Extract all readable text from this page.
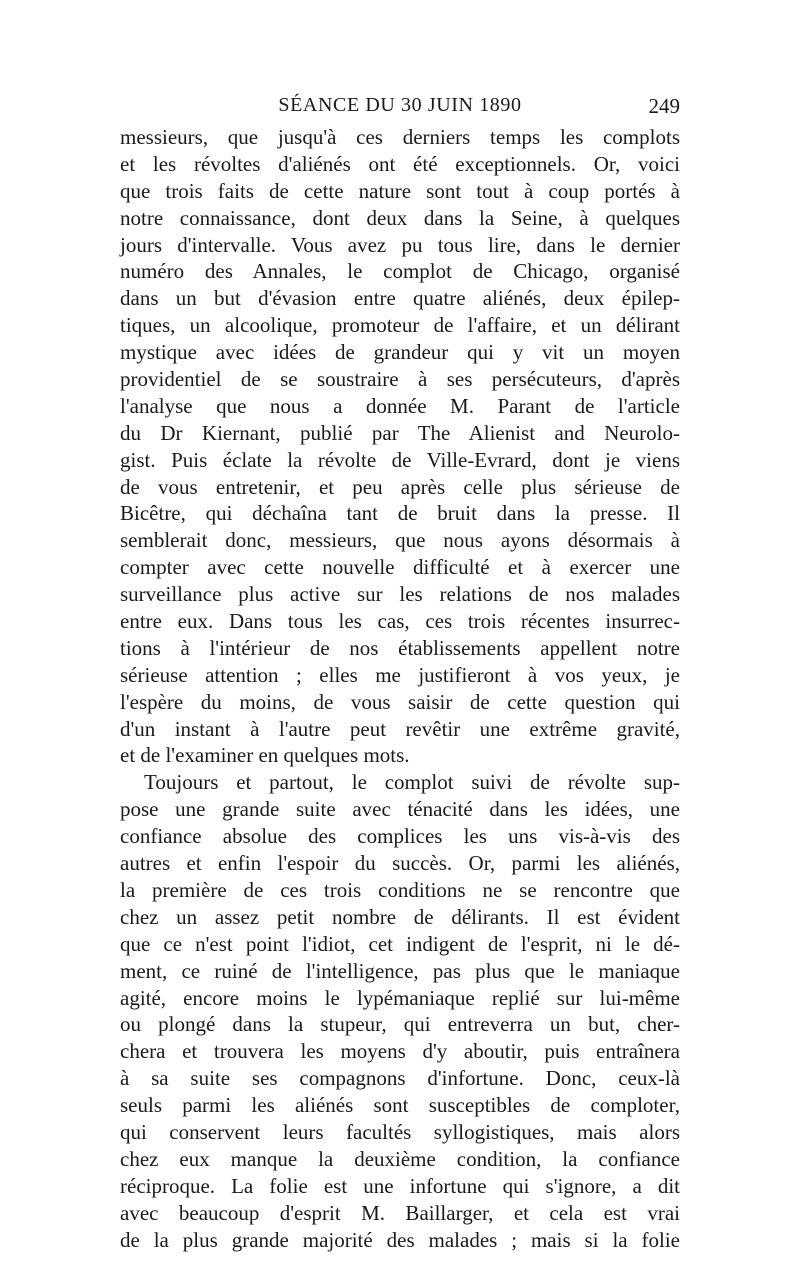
SÉANCE DU 30 JUIN 1890	249
messieurs, que jusqu'à ces derniers temps les complots
et les révoltes d'aliénés ont été exceptionnels. Or, voici
que trois faits de cette nature sont tout à coup portés à
notre connaissance, dont deux dans la Seine, à quelques
jours d'intervalle. Vous avez pu tous lire, dans le dernier
numéro des Annales, le complot de Chicago, organisé
dans un but d'évasion entre quatre aliénés, deux épilep-
tiques, un alcoolique, promoteur de l'affaire, et un délirant
mystique avec idées de grandeur qui y vit un moyen
providentiel de se soustraire à ses persécuteurs, d'après
l'analyse que nous a donnée M. Parant de l'article
du Dr Kiernant, publié par The Alienist and Neurolo-
gist. Puis éclate la révolte de Ville-Evrard, dont je viens
de vous entretenir, et peu après celle plus sérieuse de
Bicêtre, qui déchaîna tant de bruit dans la presse. Il
semblerait donc, messieurs, que nous ayons désormais à
compter avec cette nouvelle difficulté et à exercer une
surveillance plus active sur les relations de nos malades
entre eux. Dans tous les cas, ces trois récentes insurrec-
tions à l'intérieur de nos établissements appellent notre
sérieuse attention ; elles me justifieront à vos yeux, je
l'espère du moins, de vous saisir de cette question qui
d'un instant à l'autre peut revêtir une extrême gravité,
et de l'examiner en quelques mots.
Toujours et partout, le complot suivi de révolte sup-
pose une grande suite avec ténacité dans les idées, une
confiance absolue des complices les uns vis-à-vis des
autres et enfin l'espoir du succès. Or, parmi les aliénés,
la première de ces trois conditions ne se rencontre que
chez un assez petit nombre de délirants. Il est évident
que ce n'est point l'idiot, cet indigent de l'esprit, ni le dé-
ment, ce ruiné de l'intelligence, pas plus que le maniaque
agité, encore moins le lypémaniaque replié sur lui-même
ou plongé dans la stupeur, qui entreverra un but, cher-
chera et trouvera les moyens d'y aboutir, puis entraînera
à sa suite ses compagnons d'infortune. Donc, ceux-là
seuls parmi les aliénés sont susceptibles de comploter,
qui conservent leurs facultés syllogistiques, mais alors
chez eux manque la deuxième condition, la confiance
réciproque. La folie est une infortune qui s'ignore, a dit
avec beaucoup d'esprit M. Baillarger, et cela est vrai
de la plus grande majorité des malades ; mais si la folie
